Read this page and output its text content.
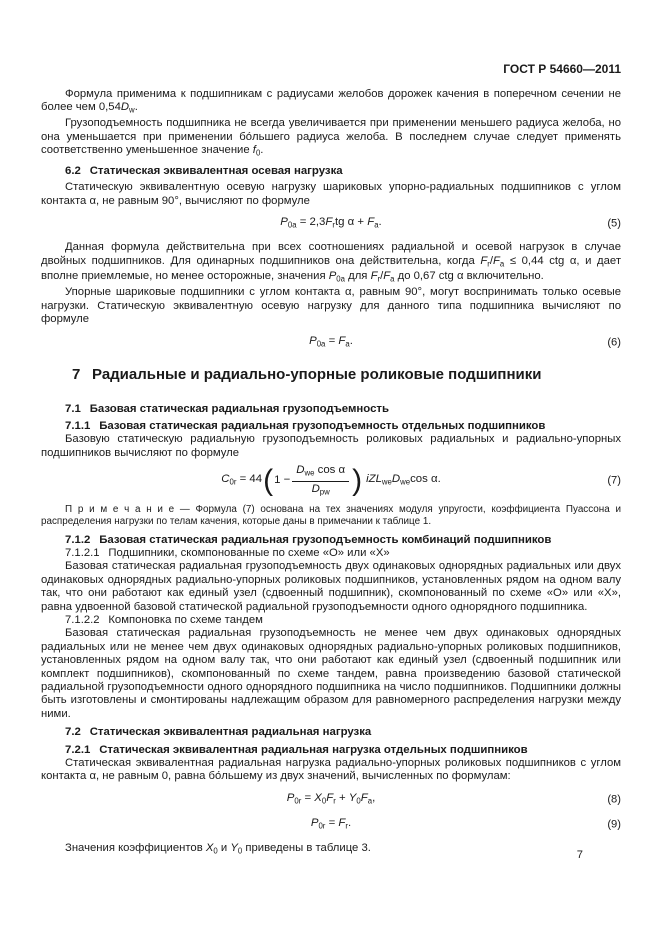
ГОСТ Р 54660—2011

Формула применима к подшипникам с радиусами желобов дорожек качения в поперечном сечении не более чем $0,54D_w$.

Грузоподъемность подшипника не всегда увеличивается при применении меньшего радиуса желоба, но она уменьшается при применении бо́льшего радиуса желоба. В последнем случае следует применять соответственно уменьшенное значение $f_0$.

6.2  Статическая эквивалентная осевая нагрузка

Статическую эквивалентную осевую нагрузку шариковых упорно-радиальных подшипников с углом контакта α, не равным 90°, вычисляют по формуле

$P_{0a} = 2,3F_rtg$ $\alpha + F_a$.	(5)

Данная формула действительна при всех соотношениях радиальной и осевой нагрузок в случае двойных подшипников. Для одинарных подшипников она действительна, когда $F_r/F_a \le 0,44$ ctg α, и дает вполне приемлемые, но менее осторожные, значения $P_{0a}$ для $F_r/F_a$ до 0,67 ctg α включительно.

Упорные шариковые подшипники с углом контакта α, равным 90°, могут воспринимать только осевые нагрузки. Статическую эквивалентную осевую нагрузку для данного типа подшипника вычисляют по формуле

$P_{0a} = F_a$.	(6)
7  Радиальные и радиально-упорные роликовые подшипники
7.1  Базовая статическая радиальная грузоподъемность
7.1.1  Базовая статическая радиальная грузоподъемность отдельных подшипников

Базовую статическую радиальную грузоподъемность роликовых радиальных и радиально-упорных подшипников вычисляют по формуле

$C_{0r} = 44$ ( $1 - \frac{D_{we} \cos \alpha}{D_{pw}}$ ) $iZL_{we}D_{we}\cos$ α.	(7)

П р и м е ч а н и е — Формула (7) основана на тех значениях модуля упругости, коэффициента Пуассона и распределения нагрузки по телам качения, которые даны в примечании к таблице 1.

7.1.2  Базовая статическая радиальная грузоподъемность комбинаций подшипников

7.1.2.1  Подшипники, скомпонованные по схеме «О» или «Х»

Базовая статическая радиальная грузоподъемность двух одинаковых однорядных радиальных или двух одинаковых однорядных радиально-упорных роликовых подшипников, установленных рядом на одном валу так, что они работают как единый узел (сдвоенный подшипник), скомпонованный по схеме «О» или «Х», равна удвоенной базовой статической радиальной грузоподъемности одного однорядного подшипника.

7.1.2.2  Компоновка по схеме тандем

Базовая статическая радиальная грузоподъемность не менее чем двух одинаковых однорядных радиальных или не менее чем двух одинаковых однорядных радиально-упорных роликовых подшипников, установленных рядом на одном валу так, что они работают как единый узел (сдвоенный подшипник или комплект подшипников), скомпонованный по схеме тандем, равна произведению базовой статической радиальной грузоподъемности одного однорядного подшипника на число подшипников. Подшипники должны быть изготовлены и смонтированы надлежащим образом для равномерного распределения нагрузки между ними.

7.2  Статическая эквивалентная радиальная нагрузка
7.2.1  Статическая эквивалентная радиальная нагрузка отдельных подшипников

Статическая эквивалентная радиальная нагрузка радиально-упорных роликовых подшипников с углом контакта α, не равным 0, равна бо́льшему из двух значений, вычисленных по формулам:

$P_{0r} = X_0F_r + Y_0F_a$,	(8)
$P_{0r} = F_r$.	(9)

Значения коэффициентов $X_0$ и $Y_0$ приведены в таблице 3.

7
